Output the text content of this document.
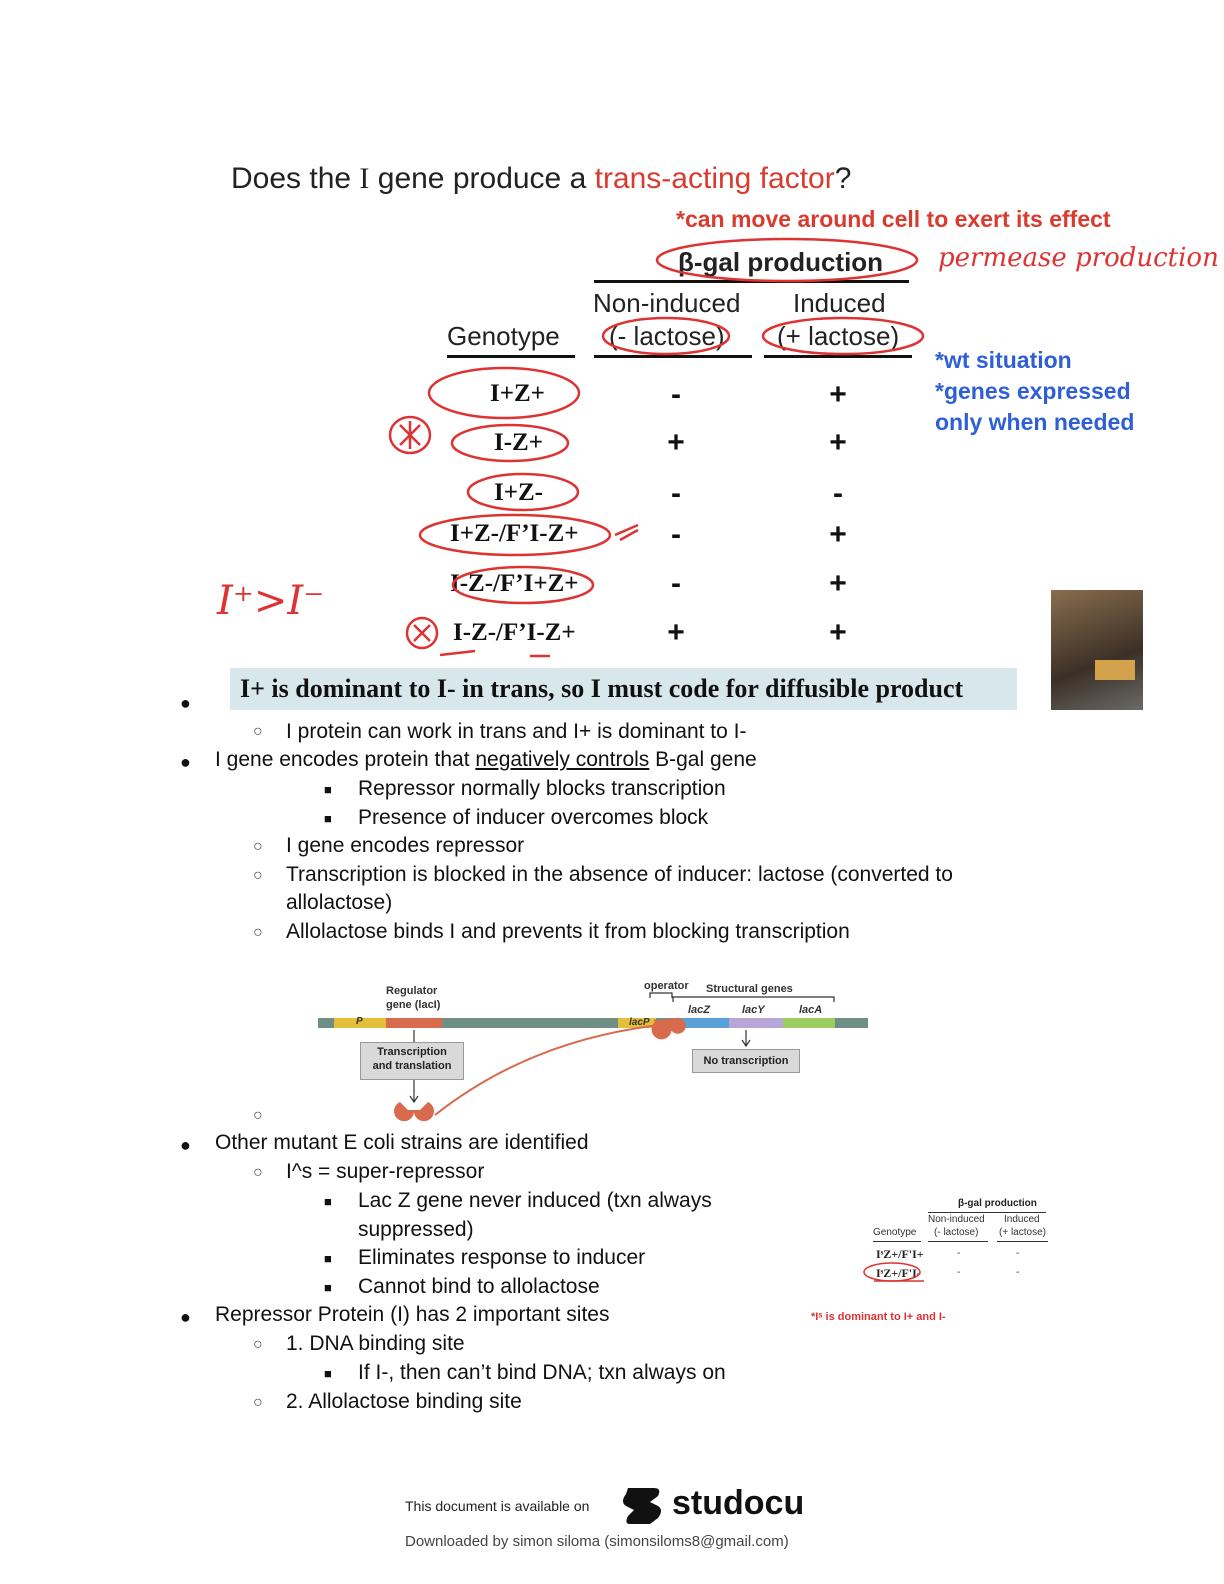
Does the I gene produce a trans-acting factor?
*can move around cell to exert its effect
β-gal production permease production
Non-induced Induced
Genotype (- lactose) (+ lactose)
*wt situation
*genes expressed
only when needed
I+Z+	-	+
I-Z+	+	+
I+Z-	-	-
I+Z-/F’I-Z+	-	+
I-Z-/F’I+Z+	-	+
I-Z-/F’I-Z+	+	+
I⁺>I⁻
I+ is dominant to I- in trans, so I must code for diffusible product
●
○ I protein can work in trans and I+ is dominant to I-
● I gene encodes protein that negatively controls B-gal gene
■ Repressor normally blocks transcription
■ Presence of inducer overcomes block
○ I gene encodes repressor
○ Transcription is blocked in the absence of inducer: lactose (converted to
allolactose)
○ Allolactose binds I and prevents it from blocking transcription
Regulator
gene (lacI)
P	lacP
operator Structural genes
lacZ	lacY	lacA
Transcription
and translation	No transcription
○
● Other mutant E coli strains are identified
○ I^s = super-repressor
■ Lac Z gene never induced (txn always
suppressed)
■ Eliminates response to inducer
■ Cannot bind to allolactose
● Repressor Protein (I) has 2 important sites
○ 1. DNA binding site
■ If I-, then can’t bind DNA; txn always on
○ 2. Allolactose binding site
β-gal production
Non-induced Induced
Genotype (- lactose) (+ lactose)
IˢZ+/F'I+	-	-
IˢZ+/F'I-	-	-
*Iˢ is dominant to I+ and I-
This document is available on studocu
Downloaded by simon siloma (simonsiloms8@gmail.com)
